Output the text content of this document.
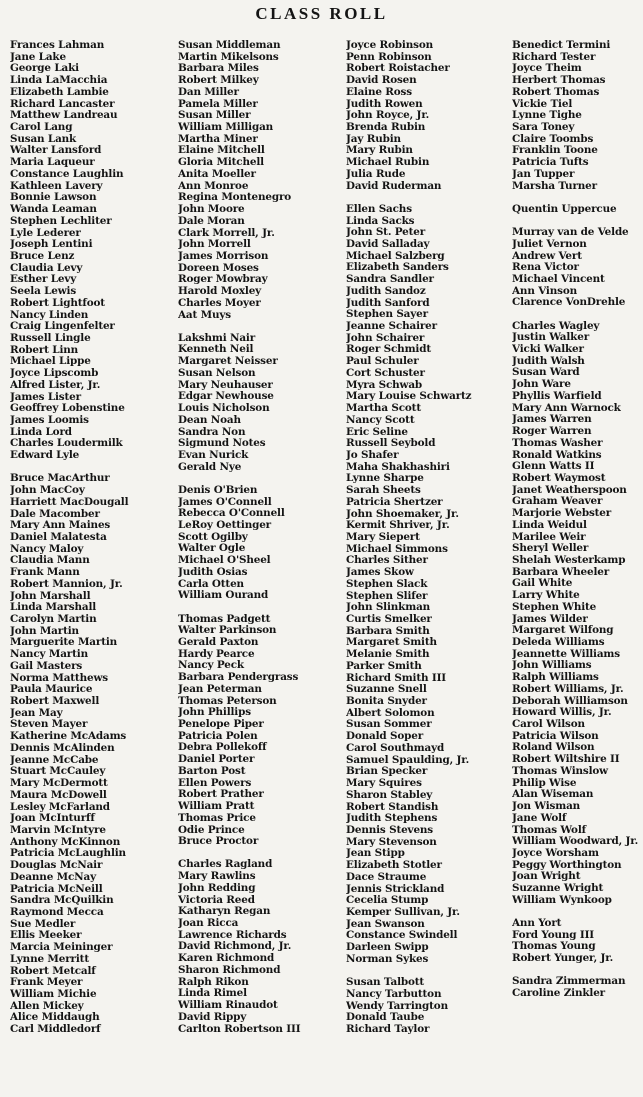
CLASS ROLL
Frances Lahman
Jane Lake
George Laki
Linda LaMacchia
Elizabeth Lambie
Richard Lancaster
Matthew Landreau
Carol Lang
Susan Lank
Walter Lansford
Maria Laqueur
Constance Laughlin
Kathleen Lavery
Bonnie Lawson
Wanda Leaman
Stephen Lechliter
Lyle Lederer
Joseph Lentini
Bruce Lenz
Claudia Levy
Esther Levy
Seela Lewis
Robert Lightfoot
Nancy Linden
Craig Lingenfelter
Russell Lingle
Robert Linn
Michael Lippe
Joyce Lipscomb
Alfred Lister, Jr.
James Lister
Geoffrey Lobenstine
James Loomis
Linda Lord
Charles Loudermilk
Edward Lyle
Bruce MacArthur
John MacCoy
Harriett MacDougall
Dale Macomber
Mary Ann Maines
Daniel Malatesta
Nancy Maloy
Claudia Mann
Frank Mann
Robert Mannion, Jr.
John Marshall
Linda Marshall
Carolyn Martin
John Martin
Marguerite Martin
Nancy Martin
Gail Masters
Norma Matthews
Paula Maurice
Robert Maxwell
Jean May
Steven Mayer
Katherine McAdams
Dennis McAlinden
Jeanne McCabe
Stuart McCauley
Mary McDermott
Maura McDowell
Lesley McFarland
Joan McInturff
Marvin McIntyre
Anthony McKinnon
Patricia McLaughlin
Douglas McNair
Deanne McNay
Patricia McNeill
Sandra McQuilkin
Raymond Mecca
Sue Medler
Ellis Meeker
Marcia Meininger
Lynne Merritt
Robert Metcalf
Frank Meyer
William Michie
Allen Mickey
Alice Middaugh
Carl Middledorf
Susan Middleman
Martin Mikelsons
Barbara Miles
Robert Milkey
Dan Miller
Pamela Miller
Susan Miller
William Milligan
Martha Miner
Elaine Mitchell
Gloria Mitchell
Anita Moeller
Ann Monroe
Regina Montenegro
John Moore
Dale Moran
Clark Morrell, Jr.
John Morrell
James Morrison
Doreen Moses
Roger Mowbray
Harold Moxley
Charles Moyer
Aat Muys
Lakshmi Nair
Kenneth Neil
Margaret Neisser
Susan Nelson
Mary Neuhauser
Edgar Newhouse
Louis Nicholson
Dean Noah
Sandra Non
Sigmund Notes
Evan Nurick
Gerald Nye
Denis O'Brien
James O'Connell
Rebecca O'Connell
LeRoy Oettinger
Scott Ogilby
Walter Ogle
Michael O'Sheel
Judith Osias
Carla Otten
William Ourand
Thomas Padgett
Walter Parkinson
Gerald Paxton
Hardy Pearce
Nancy Peck
Barbara Pendergrass
Jean Peterman
Thomas Peterson
John Phillips
Penelope Piper
Patricia Polen
Debra Pollekoff
Daniel Porter
Barton Post
Ellen Powers
Robert Prather
William Pratt
Thomas Price
Odie Prince
Bruce Proctor
Charles Ragland
Mary Rawlins
John Redding
Victoria Reed
Katharyn Regan
Joan Ricca
Lawrence Richards
David Richmond, Jr.
Karen Richmond
Sharon Richmond
Ralph Rikon
Linda Rimel
William Rinaudot
David Rippy
Carlton Robertson III
Joyce Robinson
Penn Robinson
Robert Roistacher
David Rosen
Elaine Ross
Judith Rowen
John Royce, Jr.
Brenda Rubin
Jay Rubin
Mary Rubin
Michael Rubin
Julia Rude
David Ruderman
Ellen Sachs
Linda Sacks
John St. Peter
David Salladay
Michael Salzberg
Elizabeth Sanders
Sandra Sandler
Judith Sandoz
Judith Sanford
Stephen Sayer
Jeanne Schairer
John Schairer
Roger Schmidt
Paul Schuler
Cort Schuster
Myra Schwab
Mary Louise Schwartz
Martha Scott
Nancy Scott
Eric Seline
Russell Seybold
Jo Shafer
Maha Shakhashiri
Lynne Sharpe
Sarah Sheets
Patricia Shertzer
John Shoemaker, Jr.
Kermit Shriver, Jr.
Mary Siepert
Michael Simmons
Charles Sither
James Skow
Stephen Slack
Stephen Slifer
John Slinkman
Curtis Smelker
Barbara Smith
Margaret Smith
Melanie Smith
Parker Smith
Richard Smith III
Suzanne Snell
Bonita Snyder
Albert Solomon
Susan Sommer
Donald Soper
Carol Southmayd
Samuel Spaulding, Jr.
Brian Specker
Mary Squires
Sharon Stabley
Robert Standish
Judith Stephens
Dennis Stevens
Mary Stevenson
Jean Stipp
Elizabeth Stotler
Dace Straume
Jennis Strickland
Cecelia Stump
Kemper Sullivan, Jr.
Jean Swanson
Constance Swindell
Darleen Swipp
Norman Sykes
Susan Talbott
Nancy Tarbutton
Wendy Tarrington
Donald Taube
Richard Taylor
Benedict Termini
Richard Tester
Joyce Theim
Herbert Thomas
Robert Thomas
Vickie Tiel
Lynne Tighe
Sara Toney
Claire Toombs
Franklin Toone
Patricia Tufts
Jan Tupper
Marsha Turner
Quentin Uppercue
Murray van de Velde
Juliet Vernon
Andrew Vert
Rena Victor
Michael Vincent
Ann Vinson
Clarence VonDrehle
Charles Wagley
Justin Walker
Vicki Walker
Judith Walsh
Susan Ward
John Ware
Phyllis Warfield
Mary Ann Warnock
James Warren
Roger Warren
Thomas Washer
Ronald Watkins
Glenn Watts II
Robert Waymost
Janet Weatherspoon
Graham Weaver
Marjorie Webster
Linda Weidul
Marilee Weir
Sheryl Weller
Shelah Westerkamp
Barbara Wheeler
Gail White
Larry White
Stephen White
James Wilder
Margaret Wilfong
Deleda Williams
Jeannette Williams
John Williams
Ralph Williams
Robert Williams, Jr.
Deborah Williamson
Howard Willis, Jr.
Carol Wilson
Patricia Wilson
Roland Wilson
Robert Wiltshire II
Thomas Winslow
Philip Wise
Alan Wiseman
Jon Wisman
Jane Wolf
Thomas Wolf
William Woodward, Jr.
Joyce Worsham
Peggy Worthington
Joan Wright
Suzanne Wright
William Wynkoop
Ann Yort
Ford Young III
Thomas Young
Robert Yunger, Jr.
Sandra Zimmerman
Caroline Zinkler
